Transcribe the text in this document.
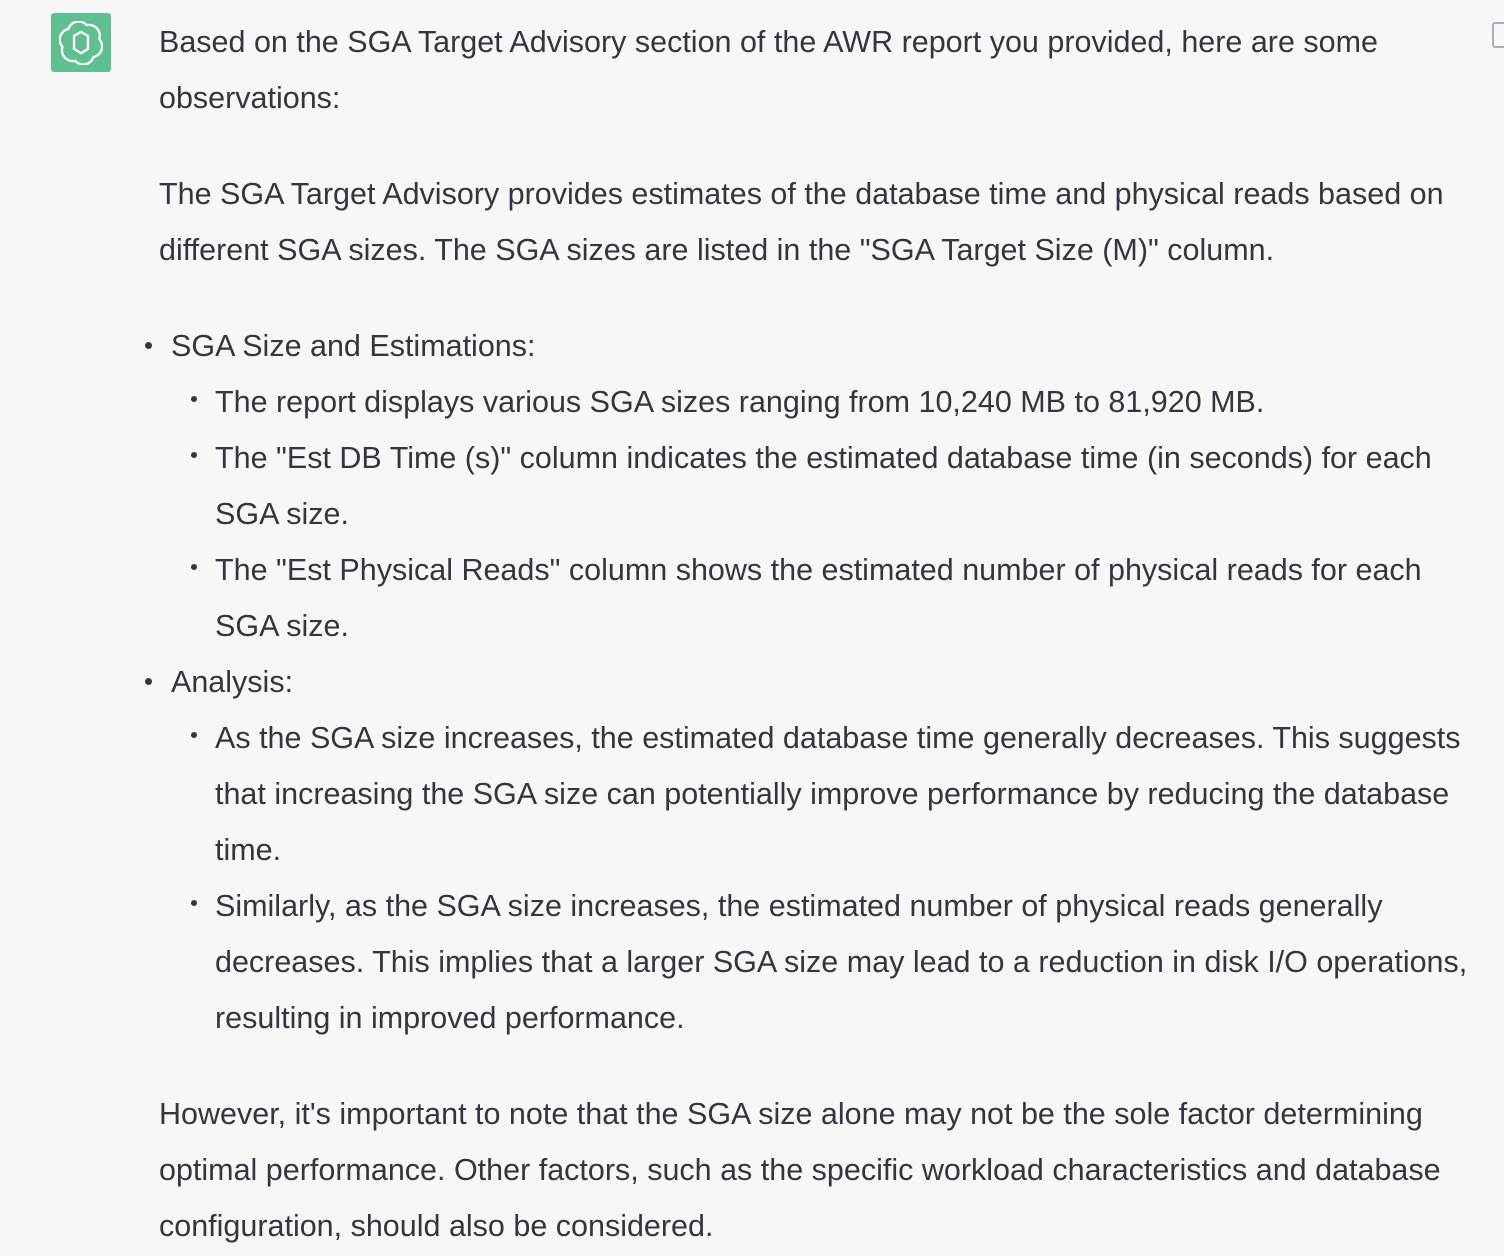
Based on the SGA Target Advisory section of the AWR report you provided, here are some observations:

The SGA Target Advisory provides estimates of the database time and physical reads based on different SGA sizes. The SGA sizes are listed in the "SGA Target Size (M)" column.

SGA Size and Estimations:
The report displays various SGA sizes ranging from 10,240 MB to 81,920 MB.
The "Est DB Time (s)" column indicates the estimated database time (in seconds) for each SGA size.
The "Est Physical Reads" column shows the estimated number of physical reads for each SGA size.
Analysis:
As the SGA size increases, the estimated database time generally decreases. This suggests that increasing the SGA size can potentially improve performance by reducing the database time.
Similarly, as the SGA size increases, the estimated number of physical reads generally decreases. This implies that a larger SGA size may lead to a reduction in disk I/O operations, resulting in improved performance.

However, it's important to note that the SGA size alone may not be the sole factor determining optimal performance. Other factors, such as the specific workload characteristics and database configuration, should also be considered.
